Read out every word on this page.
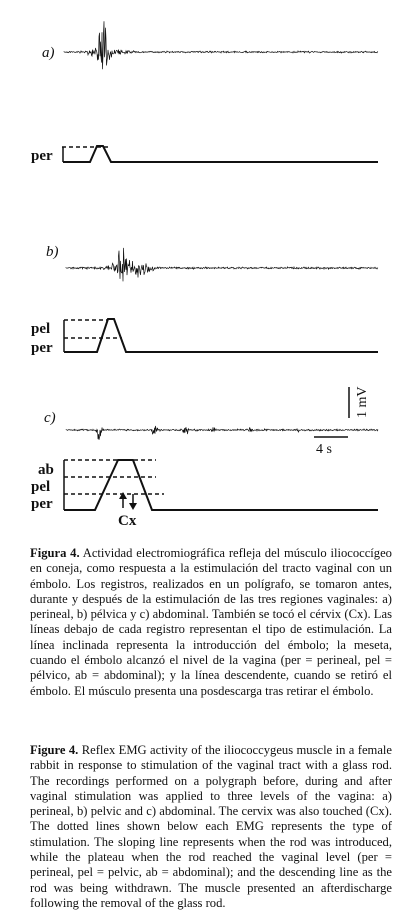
a)
b)
c)
per
pel
per
1 mV
4 s
ab
pel
per
Cx
Figura 4. Actividad electromiográfica refleja del músculo iliococcígeo en coneja, como respuesta a la estimulación del tracto vaginal con un émbolo. Los registros, realizados en un polígrafo, se tomaron antes, durante y después de la estimulación de las tres regiones vaginales: a) perineal, b) pélvica y c) abdominal. También se tocó el cérvix (Cx). Las líneas debajo de cada registro representan el tipo de estimulación. La línea inclinada representa la introducción del émbolo; la meseta, cuando el émbolo alcanzó el nivel de la vagina (per = perineal, pel = pélvico, ab = abdominal); y la línea descendente, cuando se retiró el émbolo. El músculo presenta una posdescarga tras retirar el émbolo.
Figure 4. Reflex EMG activity of the iliococcygeus muscle in a female rabbit in response to stimulation of the vaginal tract with a glass rod. The recordings performed on a polygraph before, during and after vaginal stimulation was applied to three levels of the vagina: a) perineal, b) pelvic and c) abdominal. The cervix was also touched (Cx). The dotted lines shown below each EMG represents the type of stimulation. The sloping line represents when the rod was introduced, while the plateau when the rod reached the vaginal level (per = perineal, pel = pelvic, ab = abdominal); and the descending line as the rod was being withdrawn. The muscle presented an afterdischarge following the removal of the glass rod.
